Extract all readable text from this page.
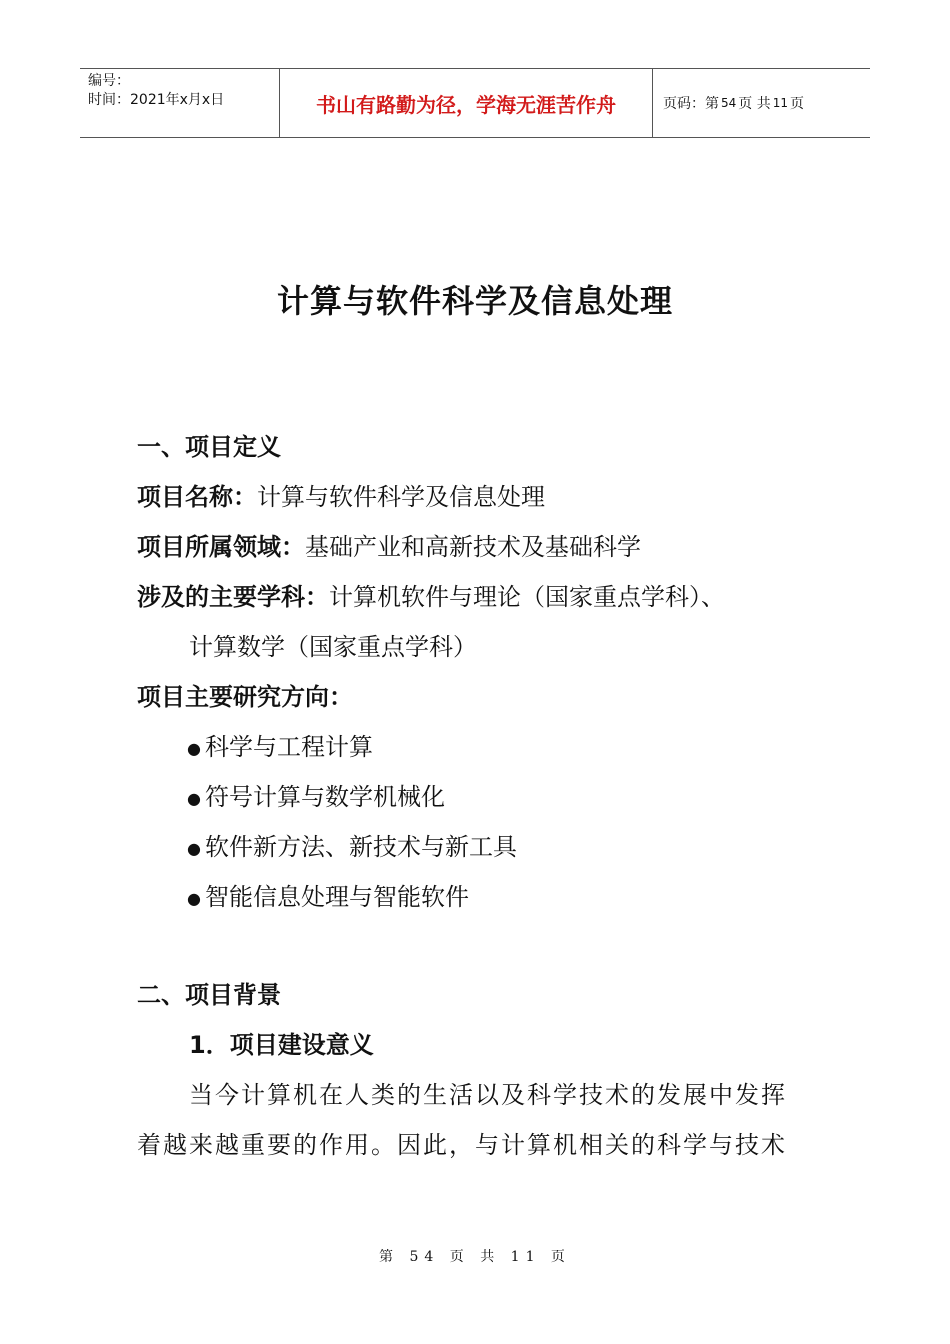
编号：
时间：2021年x月x日	书山有路勤为径，学海无涯苦作舟	页码：第 54 页 共 11 页
计算与软件科学及信息处理
一、项目定义
项目名称：计算与软件科学及信息处理
项目所属领域：基础产业和高新技术及基础科学
涉及的主要学科：计算机软件与理论（国家重点学科）、
计算数学（国家重点学科）
项目主要研究方向：
● 科学与工程计算
● 符号计算与数学机械化
● 软件新方法、新技术与新工具
● 智能信息处理与智能软件
二、项目背景
1．项目建设意义
当今计算机在人类的生活以及科学技术的发展中发挥
着越来越重要的作用。因此，与计算机相关的科学与技术
第 54 页 共 11 页
